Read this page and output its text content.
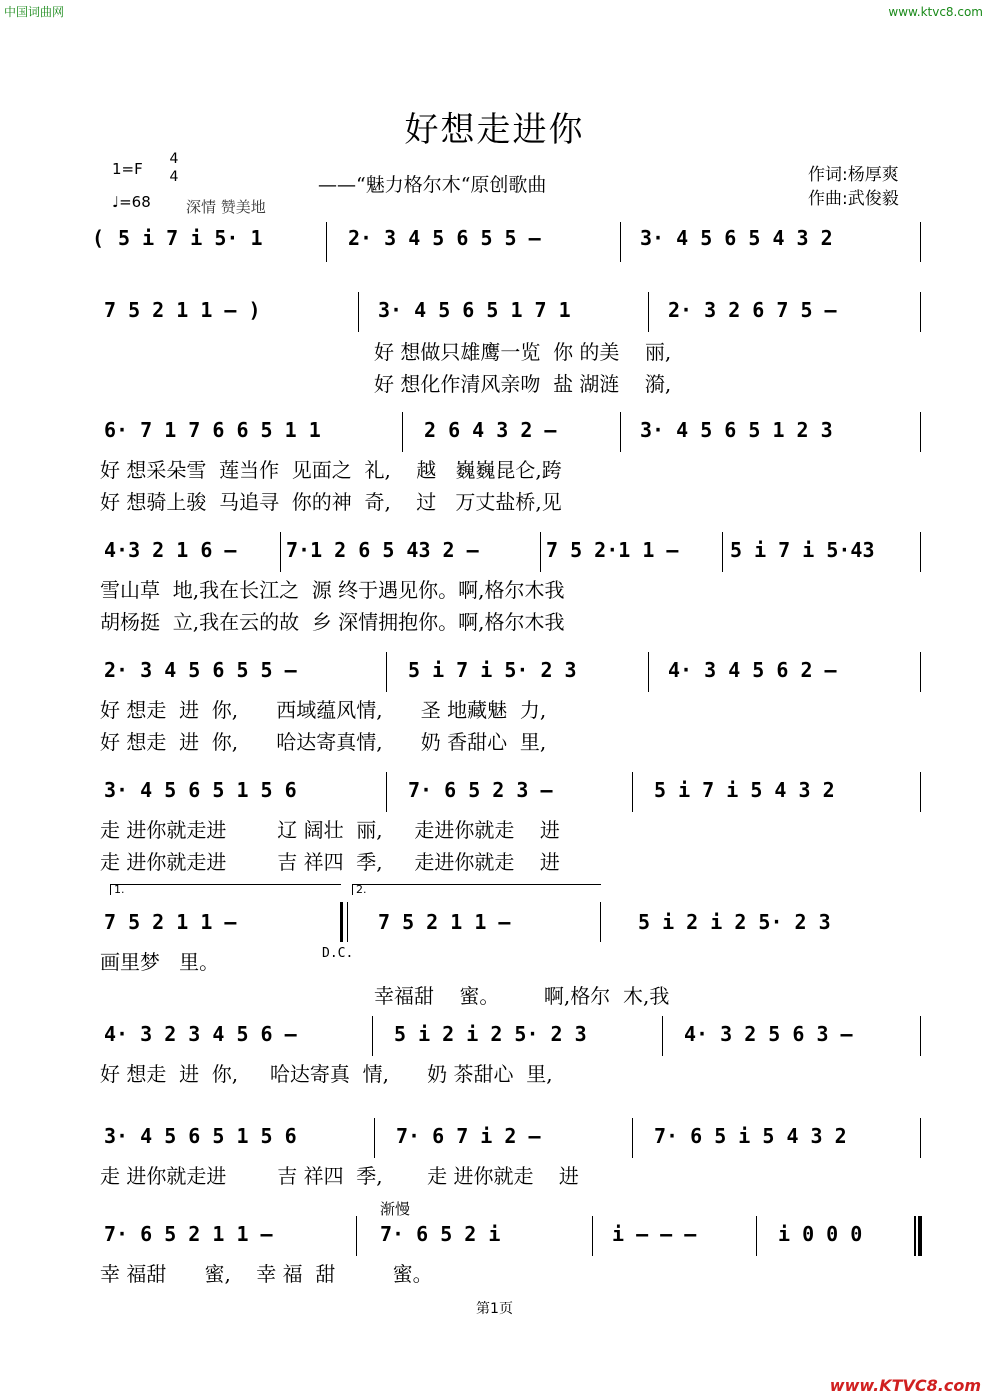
中国词曲网	www.ktvc8.com
好想走进你
1=F
4
4
♩=68 深情 赞美地
——“魅力格尔木“原创歌曲	作词:杨厚爽
作曲:武俊毅
( 5 i 7 i 5· 1	2· 3 4 5 6 5 5 –	3· 4 5 6 5 4 3 2
7 5 2 1 1 – )	3· 4 5 6 5 1 7 1	2· 3 2 6 7 5 –
好 想做只雄鹰一览  你 的美    丽,
好 想化作清风亲吻  盐 湖涟    漪,
6· 7 1 7 6 6 5 1 1	2 6 4 3 2 –	3· 4 5 6 5 1 2 3
好 想采朵雪  莲当作  见面之  礼,    越   巍巍昆仑,跨
好 想骑上骏  马追寻  你的神  奇,    过   万丈盐桥,见
4·3 2 1 6 – 7·1 2 6 5 43 2 –	7 5 2·1 1 –	5 i 7 i 5·43
雪山草  地,我在长江之  源 终于遇见你。啊,格尔木我
胡杨挺  立,我在云的故  乡 深情拥抱你。啊,格尔木我
2· 3 4 5 6 5 5 –	5 i 7 i 5· 2 3	4· 3 4 5 6 2 –
好 想走  进  你,      西域蕴风情,      圣 地藏魅  力,
好 想走  进  你,      哈达寄真情,      奶 香甜心  里,
3· 4 5 6 5 1 5 6	7· 6 5 2 3 –	5 i 7 i 5 4 3 2
走 进你就走进        辽 阔壮  丽,     走进你就走    进
走 进你就走进        吉 祥四  季,     走进你就走    进
1.	2.
7 5 2 1 1 –	7 5 2 1 1 –	5 i 2 i 2 5· 2 3
画里梦   里。	D.C.
幸福甜    蜜。       啊,格尔  木,我
4· 3 2 3 4 5 6 –	5 i 2 i 2 5· 2 3	4· 3 2 5 6 3 –
好 想走  进  你,     哈达寄真  情,      奶 茶甜心  里,
3· 4 5 6 5 1 5 6	7· 6 7 i 2 –	7· 6 5 i 5 4 3 2
走 进你就走进        吉 祥四  季,       走 进你就走    进
渐慢
7· 6 5 2 1 1 –	7· 6 5 2 i	i – – –	i 0 0 0
幸 福甜      蜜,    幸 福  甜         蜜。
第1页
www.KTVC8.com
